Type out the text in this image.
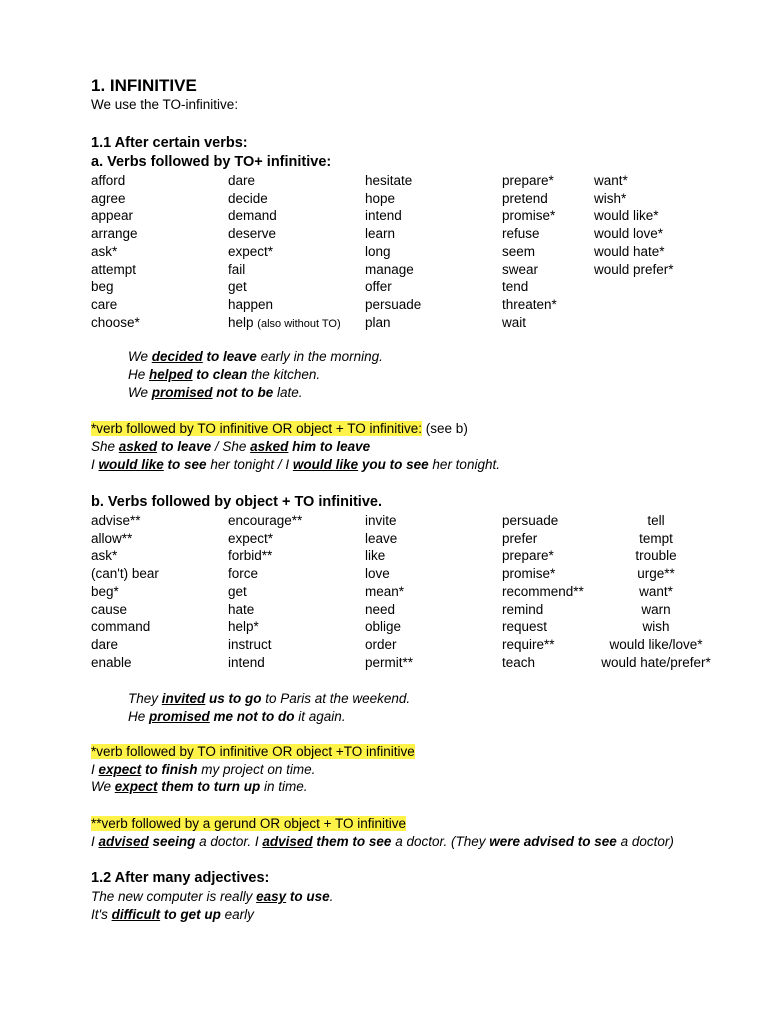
1. INFINITIVE
We use the TO-infinitive:
1.1 After certain verbs:
a. Verbs followed by TO+ infinitive:
afford
agree
appear
arrange
ask*
attempt
beg
care
choose*
dare
decide
demand
deserve
expect*
fail
get
happen
help (also without TO)
hesitate
hope
intend
learn
long
manage
offer
persuade
plan
prepare*
pretend
promise*
refuse
seem
swear
tend
threaten*
wait
want*
wish*
would like*
would love*
would hate*
would prefer*
We decided to leave early in the morning.
He helped to clean the kitchen.
We promised not to be late.
*verb followed by TO infinitive OR object + TO infinitive: (see b)
She asked to leave / She asked him to leave
I would like to see her tonight / I would like you to see her tonight.
b. Verbs followed by object + TO infinitive.
advise**
allow**
ask*
(can't) bear
beg*
cause
command
dare
enable
encourage**
expect*
forbid**
force
get
hate
help*
instruct
intend
invite
leave
like
love
mean*
need
oblige
order
permit**
persuade
prefer
prepare*
promise*
recommend**
remind
request
require**
teach
tell
tempt
trouble
urge**
want*
warn
wish
would like/love*
would hate/prefer*
They invited us to go to Paris at the weekend.
He promised me not to do it again.
*verb followed by TO infinitive OR object +TO infinitive
I expect to finish my project on time.
We expect them to turn up in time.
**verb followed by a gerund OR object + TO infinitive
I advised seeing a doctor. I advised them to see a doctor. (They were advised to see a doctor)
1.2 After many adjectives:
The new computer is really easy to use.
It's difficult to get up early
